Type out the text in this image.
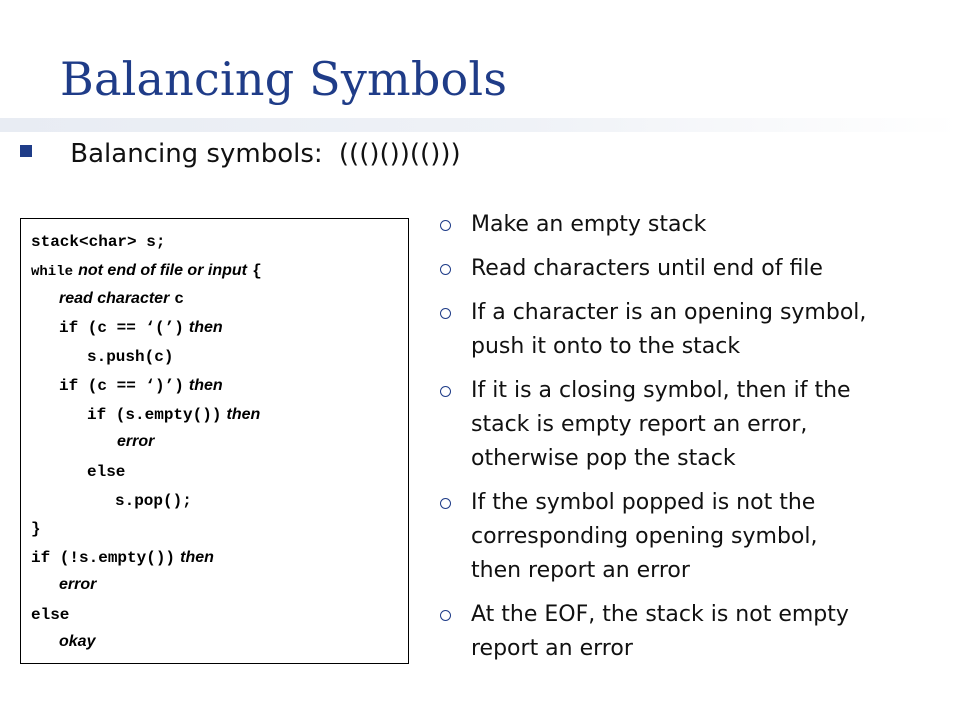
Balancing Symbols
Balancing symbols: ((()())(()))
stack<char> s;
while not end of file or input {
read character c
if (c == ‘(’) then
s.push(c)
if (c == ‘)’) then
if (s.empty()) then
error
else
s.pop();
}
if (!s.empty()) then
error
else
okay
Make an empty stack
Read characters until end of file
If a character is an opening symbol,
push it onto to the stack
If it is a closing symbol, then if the
stack is empty report an error,
otherwise pop the stack
If the symbol popped is not the
corresponding opening symbol,
then report an error
At the EOF, the stack is not empty
report an error
